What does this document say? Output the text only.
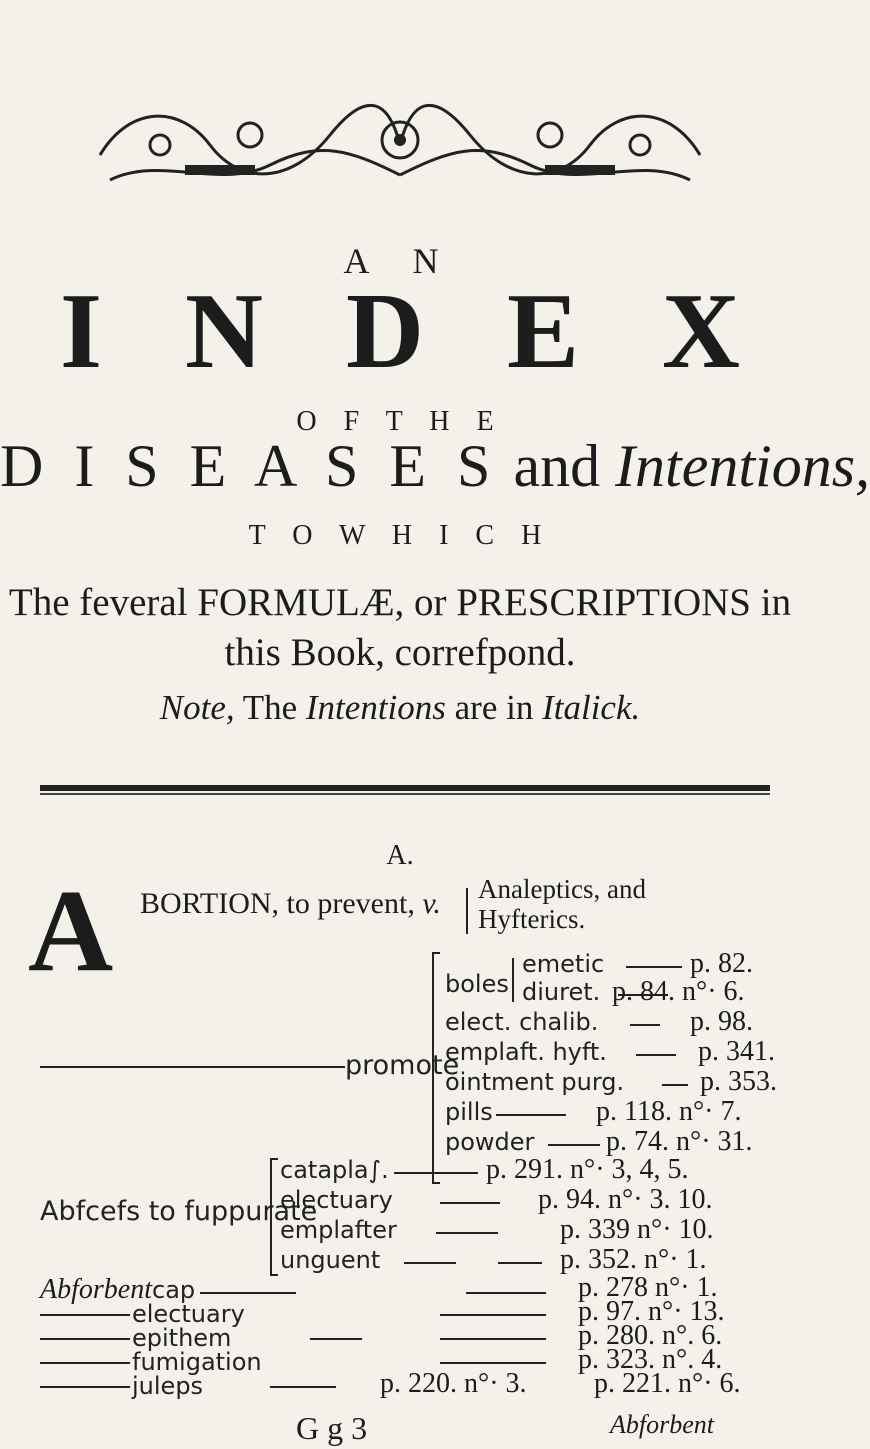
A N
I N D E X
O F T H E
D I S E A S E S and Intentions,
T O W H I C H
The feveral FORMULÆ, or PRESCRIPTIONS in
this Book, correfpond.
Note, The Intentions are in Italick.
A.
A BORTION, to prevent, v. Analeptics, and
Hyfterics.
promote
boles
emetic	p. 82.
diuret. p. 84. n°· 6.
elect. chalib.	p. 98.
emplaft. hyft.	p. 341.
ointment purg.	p. 353.
pills	p. 118. n°· 7.
powder	p. 74. n°· 31.
Abfcefs to fuppurate
catapla∫.	p. 291. n°· 3, 4, 5.
electuary	p. 94. n°· 3. 10.
emplafter	p. 339 n°· 10.
unguent	p. 352. n°· 1.
Abforbent cap	p. 278 n°· 1.
electuary	p. 97. n°· 13.
epithem	p. 280. n°. 6.
fumigation	p. 323. n°. 4.
juleps	p. 220. n°· 3. p. 221. n°· 6.
G g 3	Abforbent
